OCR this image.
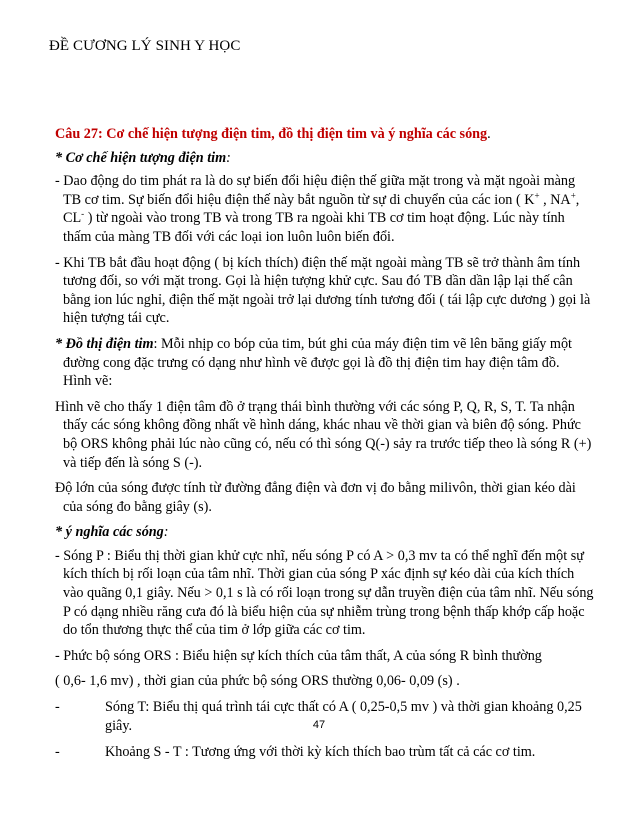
ĐỀ CƯƠNG LÝ SINH Y HỌC

Câu 27: Cơ chế hiện tượng điện tim, đồ thị điện tim và ý nghĩa các sóng.

* Cơ chế hiện tượng điện tim:

- Dao động do tim phát ra là do sự biến đổi hiệu điện thế giữa mặt trong và mặt ngoài màng TB cơ tim. Sự biến đổi hiệu điện thế này bắt nguồn từ sự di chuyển của các ion ( K+ , NA+, CL- ) từ ngoài vào trong TB và trong TB ra ngoài khi TB cơ tim hoạt động. Lúc này tính thấm của màng TB đối với các loại ion luôn luôn biến đổi.

- Khi TB bắt đầu hoạt động ( bị kích thích) điện thế mặt ngoài màng TB sẽ trở thành âm tính tương đối, so với mặt trong. Gọi là hiện tượng khử cực. Sau đó TB dần dần lập lại thế cân bằng ion lúc nghỉ, điện thế mặt ngoài trở lại dương tính tương đối ( tái lập cực dương ) gọi là hiện tượng tái cực.

* Đồ thị điện tim: Mỗi nhịp co bóp của tim, bút ghi của máy điện tim vẽ lên băng giấy một đường cong đặc trưng có dạng như hình vẽ được gọi là đồ thị điện tim hay điện tâm đồ.

Hình vẽ:

Hình vẽ cho thấy 1 điện tâm đồ ở trạng thái bình thường với các sóng P, Q, R, S, T. Ta nhận thấy các sóng không đồng nhất về hình dáng, khác nhau về thời gian và biên độ sóng. Phức bộ ORS không phải lúc nào cũng có, nếu có thì sóng Q(-) sảy ra trước tiếp theo là sóng R (+) và tiếp đến là sóng S (-).

Độ lớn của sóng được tính từ đường đẳng điện và đơn vị đo bằng milivôn, thời gian kéo dài của sóng đo bằng giây (s).

* ý nghĩa các sóng:

- Sóng P : Biểu thị thời gian khử cực nhĩ, nếu sóng P có A > 0,3 mv ta có thể nghĩ đến một sự kích thích bị rối loạn của tâm nhĩ. Thời gian của sóng P xác định sự kéo dài của kích thích vào quãng 0,1 giây. Nếu > 0,1 s là có rối loạn trong sự dẫn truyền điện của tâm nhĩ. Nếu sóng P có dạng nhiều răng cưa đó là biểu hiện của sự nhiễm trùng trong bệnh thấp khớp cấp hoặc do tổn thương thực thể của tim ở lớp giữa các cơ tim.

- Phức bộ sóng ORS : Biểu hiện sự kích thích của tâm thất, A của sóng R bình thường

( 0,6- 1,6 mv) , thời gian của phức bộ sóng ORS thường 0,06- 0,09 (s) .

-	Sóng T: Biểu thị quá trình tái cực thất có A ( 0,25-0,5 mv ) và thời gian khoảng 0,25 giây.
-	Khoảng S - T : Tương ứng với thời kỳ kích thích bao trùm tất cả các cơ tim.
47
